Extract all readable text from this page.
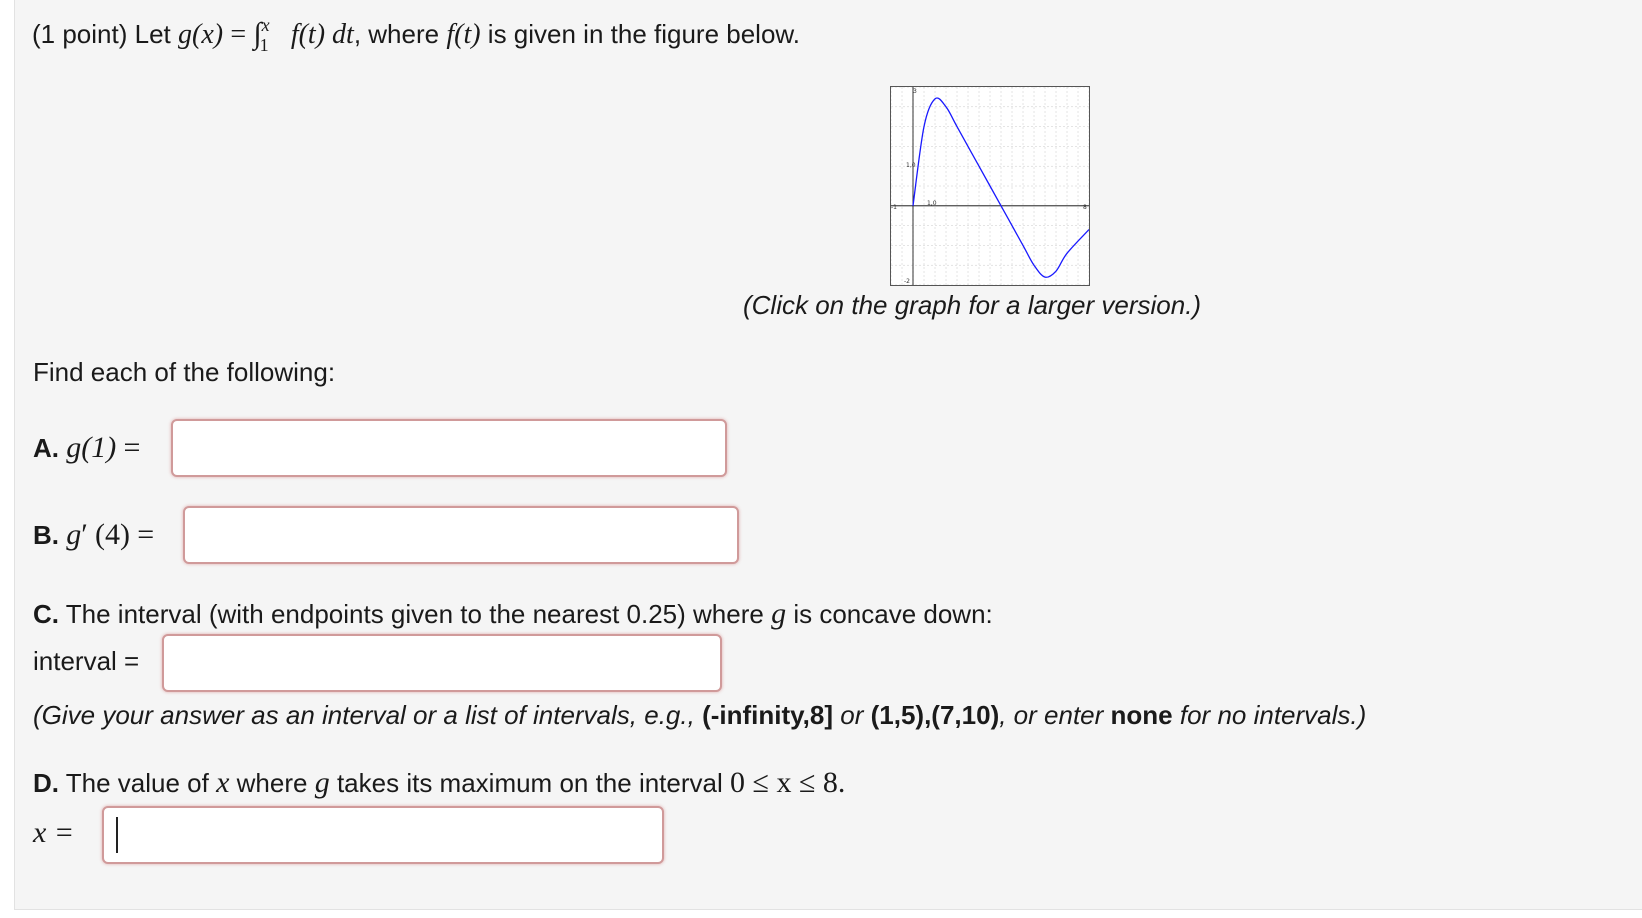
(1 point) Let g(x) = ∫ x
1 f(t) dt, where f(t) is given in the figure below.
3
1,0
1,0
-1	8
-2
(Click on the graph for a larger version.)
Find each of the following:
A. g(1) =
B. g′ (4) =
C. The interval (with endpoints given to the nearest 0.25) where g is concave down:
interval =
(Give your answer as an interval or a list of intervals, e.g., (-infinity,8] or (1,5),(7,10), or enter none for no intervals.)
D. The value of x where g takes its maximum on the interval 0 ≤ x ≤ 8.
x =
